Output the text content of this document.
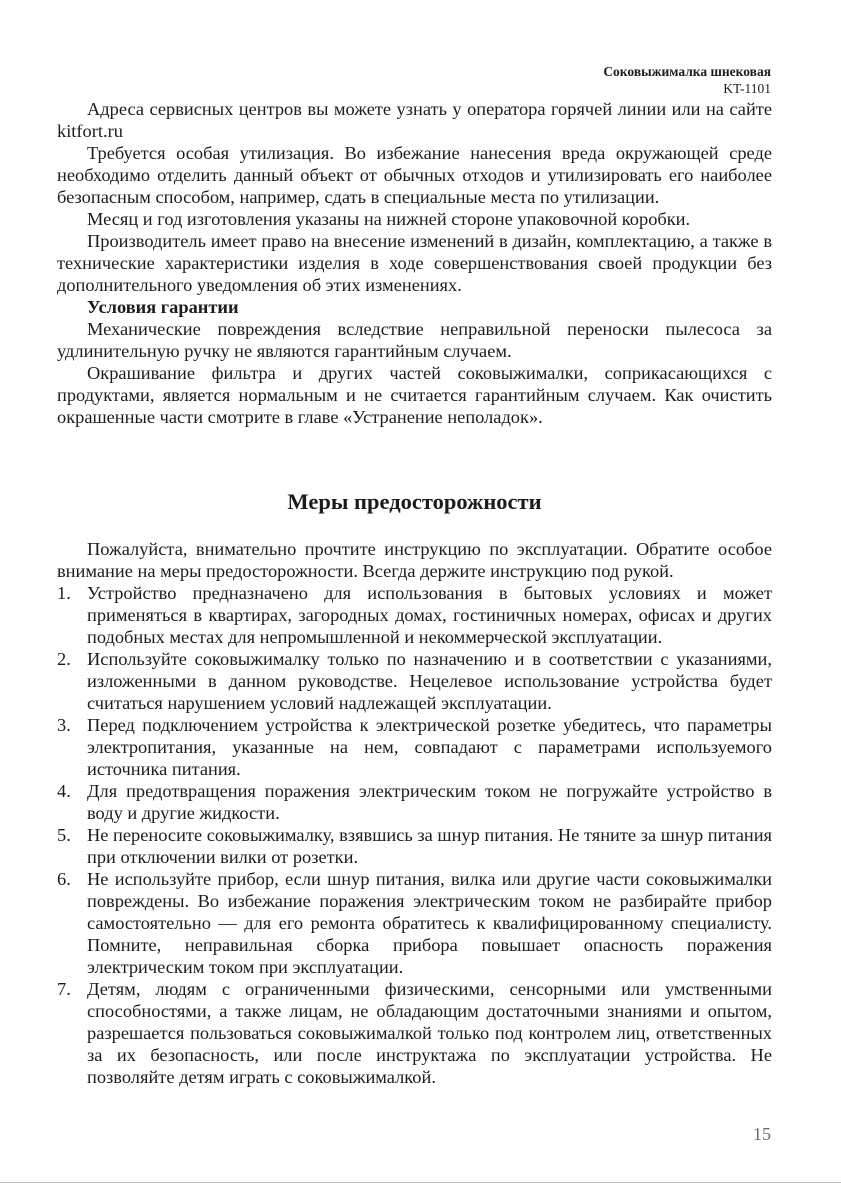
Соковыжималка шнековая
KT-1101

Адреса сервисных центров вы можете узнать у оператора горячей линии или на сайте kitfort.ru

Требуется особая утилизация. Во избежание нанесения вреда окружающей среде необходимо отделить данный объект от обычных отходов и утилизировать его наиболее безопасным способом, например, сдать в специальные места по утилизации.

Месяц и год изготовления указаны на нижней стороне упаковочной коробки.

Производитель имеет право на внесение изменений в дизайн, комплектацию, а также в технические характеристики изделия в ходе совершенствования своей продукции без дополнительного уведомления об этих изменениях.

Условия гарантии

Механические повреждения вследствие неправильной переноски пылесоса за удлинительную ручку не являются гарантийным случаем.

Окрашивание фильтра и других частей соковыжималки, соприкасающихся с продуктами, является нормальным и не считается гарантийным случаем. Как очистить окрашенные части смотрите в главе «Устранение неполадок».

Меры предосторожности

Пожалуйста, внимательно прочтите инструкцию по эксплуатации. Обратите особое внимание на меры предосторожности. Всегда держите инструкцию под рукой.

1. Устройство предназначено для использования в бытовых условиях и может применяться в квартирах, загородных домах, гостиничных номерах, офисах и других подобных местах для непромышленной и некоммерческой эксплуатации.
2. Используйте соковыжималку только по назначению и в соответствии с указаниями, изложенными в данном руководстве. Нецелевое использование устройства будет считаться нарушением условий надлежащей эксплуатации.
3. Перед подключением устройства к электрической розетке убедитесь, что параметры электропитания, указанные на нем, совпадают с параметрами используемого источника питания.
4. Для предотвращения поражения электрическим током не погружайте устройство в воду и другие жидкости.
5. Не переносите соковыжималку, взявшись за шнур питания. Не тяните за шнур питания при отключении вилки от розетки.
6. Не используйте прибор, если шнур питания, вилка или другие части соковыжималки повреждены. Во избежание поражения электрическим током не разбирайте прибор самостоятельно — для его ремонта обратитесь к квалифицированному специалисту. Помните, неправильная сборка прибора повышает опасность поражения электрическим током при эксплуатации.
7. Детям, людям с ограниченными физическими, сенсорными или умственными способностями, а также лицам, не обладающим достаточными знаниями и опытом, разрешается пользоваться соковыжималкой только под контролем лиц, ответственных за их безопасность, или после инструктажа по эксплуатации устройства. Не позволяйте детям играть с соковыжималкой.
15
